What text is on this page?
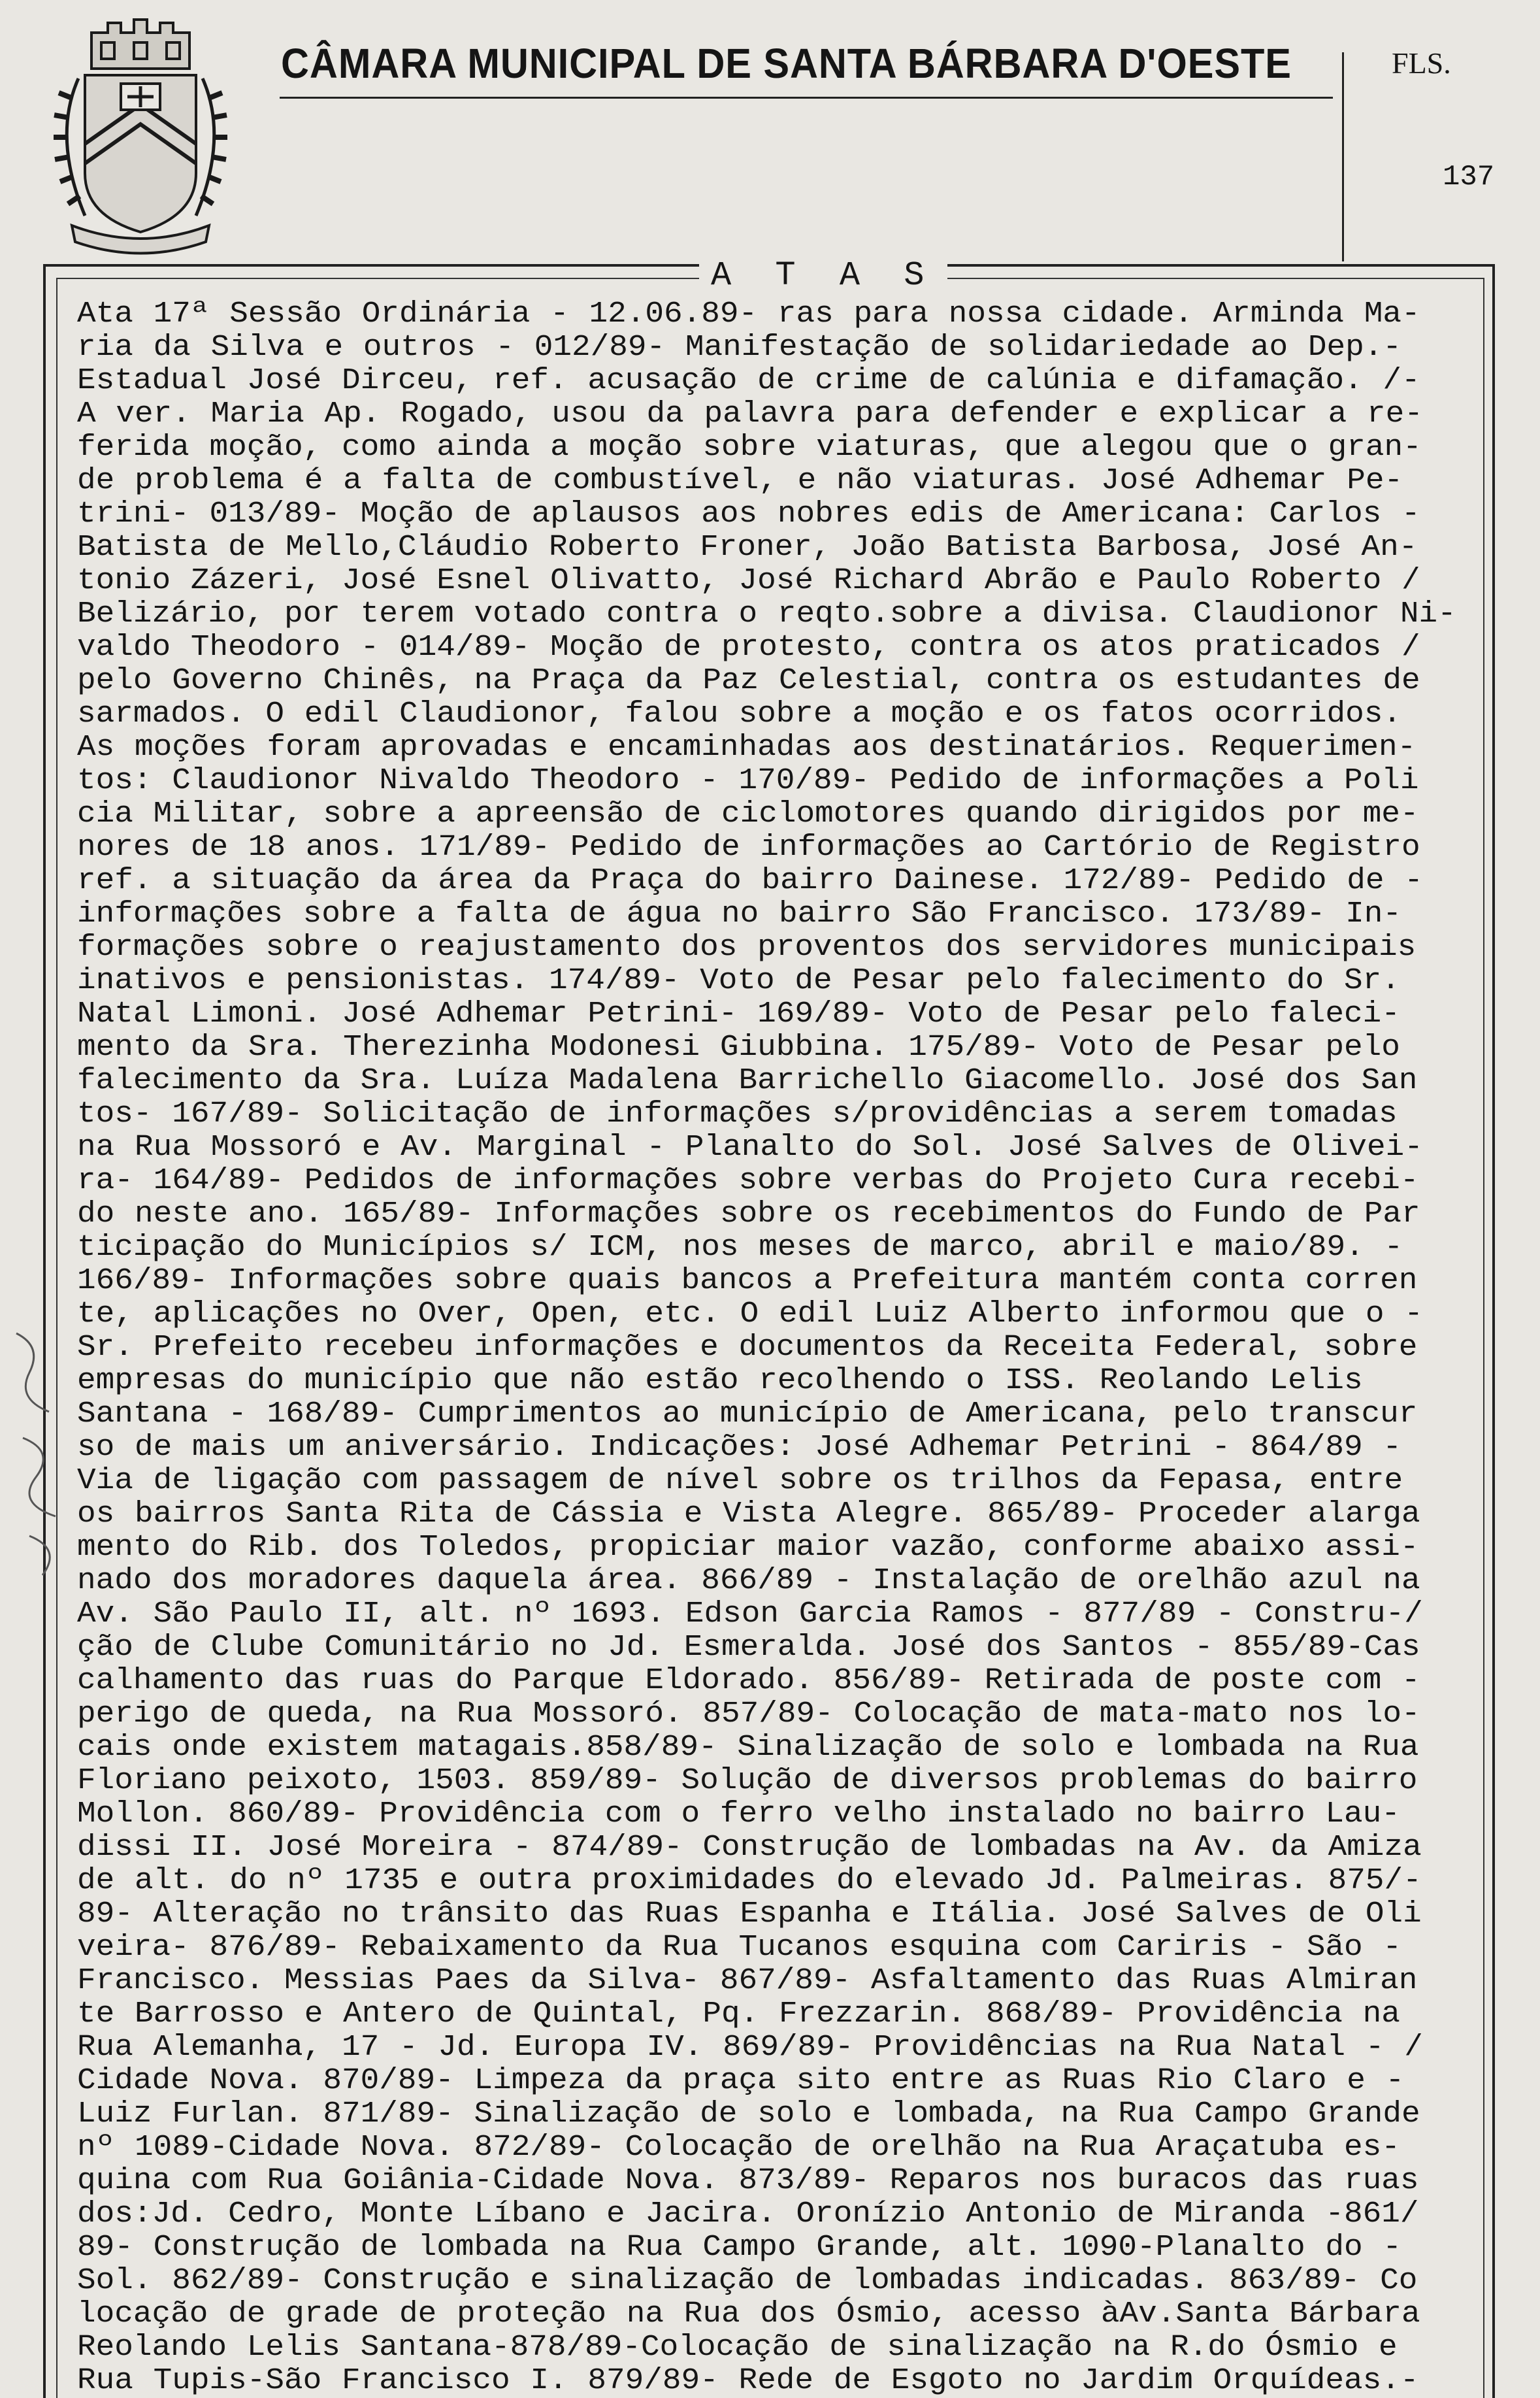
CÂMARA MUNICIPAL DE SANTA BÁRBARA D'OESTE	FLS.
137
A T A S
Ata 17ª Sessão Ordinária - 12.06.89- ras para nossa cidade. Arminda Ma-
ria da Silva e outros - 012/89- Manifestação de solidariedade ao Dep.-
Estadual José Dirceu, ref. acusação de crime de calúnia e difamação. /-
A ver. Maria Ap. Rogado, usou da palavra para defender e explicar a re-
ferida moção, como ainda a moção sobre viaturas, que alegou que o gran-
de problema é a falta de combustível, e não viaturas. José Adhemar Pe-
trini- 013/89- Moção de aplausos aos nobres edis de Americana: Carlos -
Batista de Mello,Cláudio Roberto Froner, João Batista Barbosa, José An-
tonio Zázeri, José Esnel Olivatto, José Richard Abrão e Paulo Roberto /
Belizário, por terem votado contra o reqto.sobre a divisa. Claudionor Ni-
valdo Theodoro - 014/89- Moção de protesto, contra os atos praticados /
pelo Governo Chinês, na Praça da Paz Celestial, contra os estudantes de
sarmados. O edil Claudionor, falou sobre a moção e os fatos ocorridos.
As moções foram aprovadas e encaminhadas aos destinatários. Requerimen-
tos: Claudionor Nivaldo Theodoro - 170/89- Pedido de informações a Poli
cia Militar, sobre a apreensão de ciclomotores quando dirigidos por me-
nores de 18 anos. 171/89- Pedido de informações ao Cartório de Registro
ref. a situação da área da Praça do bairro Dainese. 172/89- Pedido de -
informações sobre a falta de água no bairro São Francisco. 173/89- In-
formações sobre o reajustamento dos proventos dos servidores municipais
inativos e pensionistas. 174/89- Voto de Pesar pelo falecimento do Sr.
Natal Limoni. José Adhemar Petrini- 169/89- Voto de Pesar pelo faleci-
mento da Sra. Therezinha Modonesi Giubbina. 175/89- Voto de Pesar pelo
falecimento da Sra. Luíza Madalena Barrichello Giacomello. José dos San
tos- 167/89- Solicitação de informações s/providências a serem tomadas
na Rua Mossoró e Av. Marginal - Planalto do Sol. José Salves de Olivei-
ra- 164/89- Pedidos de informações sobre verbas do Projeto Cura recebi-
do neste ano. 165/89- Informações sobre os recebimentos do Fundo de Par
ticipação do Municípios s/ ICM, nos meses de marco, abril e maio/89. -
166/89- Informações sobre quais bancos a Prefeitura mantém conta corren
te, aplicações no Over, Open, etc. O edil Luiz Alberto informou que o -
Sr. Prefeito recebeu informações e documentos da Receita Federal, sobre
empresas do município que não estão recolhendo o ISS. Reolando Lelis
Santana - 168/89- Cumprimentos ao município de Americana, pelo transcur
so de mais um aniversário. Indicações: José Adhemar Petrini - 864/89 -
Via de ligação com passagem de nível sobre os trilhos da Fepasa, entre
os bairros Santa Rita de Cássia e Vista Alegre. 865/89- Proceder alarga
mento do Rib. dos Toledos, propiciar maior vazão, conforme abaixo assi-
nado dos moradores daquela área. 866/89 - Instalação de orelhão azul na
Av. São Paulo II, alt. nº 1693. Edson Garcia Ramos - 877/89 - Constru-/
ção de Clube Comunitário no Jd. Esmeralda. José dos Santos - 855/89-Cas
calhamento das ruas do Parque Eldorado. 856/89- Retirada de poste com -
perigo de queda, na Rua Mossoró. 857/89- Colocação de mata-mato nos lo-
cais onde existem matagais.858/89- Sinalização de solo e lombada na Rua
Floriano peixoto, 1503. 859/89- Solução de diversos problemas do bairro
Mollon. 860/89- Providência com o ferro velho instalado no bairro Lau-
dissi II. José Moreira - 874/89- Construção de lombadas na Av. da Amiza
de alt. do nº 1735 e outra proximidades do elevado Jd. Palmeiras. 875/-
89- Alteração no trânsito das Ruas Espanha e Itália. José Salves de Oli
veira- 876/89- Rebaixamento da Rua Tucanos esquina com Cariris - São -
Francisco. Messias Paes da Silva- 867/89- Asfaltamento das Ruas Almiran
te Barrosso e Antero de Quintal, Pq. Frezzarin. 868/89- Providência na
Rua Alemanha, 17 - Jd. Europa IV. 869/89- Providências na Rua Natal - /
Cidade Nova. 870/89- Limpeza da praça sito entre as Ruas Rio Claro e -
Luiz Furlan. 871/89- Sinalização de solo e lombada, na Rua Campo Grande
nº 1089-Cidade Nova. 872/89- Colocação de orelhão na Rua Araçatuba es-
quina com Rua Goiânia-Cidade Nova. 873/89- Reparos nos buracos das ruas
dos:Jd. Cedro, Monte Líbano e Jacira. Oronízio Antonio de Miranda -861/
89- Construção de lombada na Rua Campo Grande, alt. 1090-Planalto do -
Sol. 862/89- Construção e sinalização de lombadas indicadas. 863/89- Co
locação de grade de proteção na Rua dos Ósmio, acesso àAv.Santa Bárbara
Reolando Lelis Santana-878/89-Colocação de sinalização na R.do Ósmio e
Rua Tupis-São Francisco I. 879/89- Rede de Esgoto no Jardim Orquídeas.-
